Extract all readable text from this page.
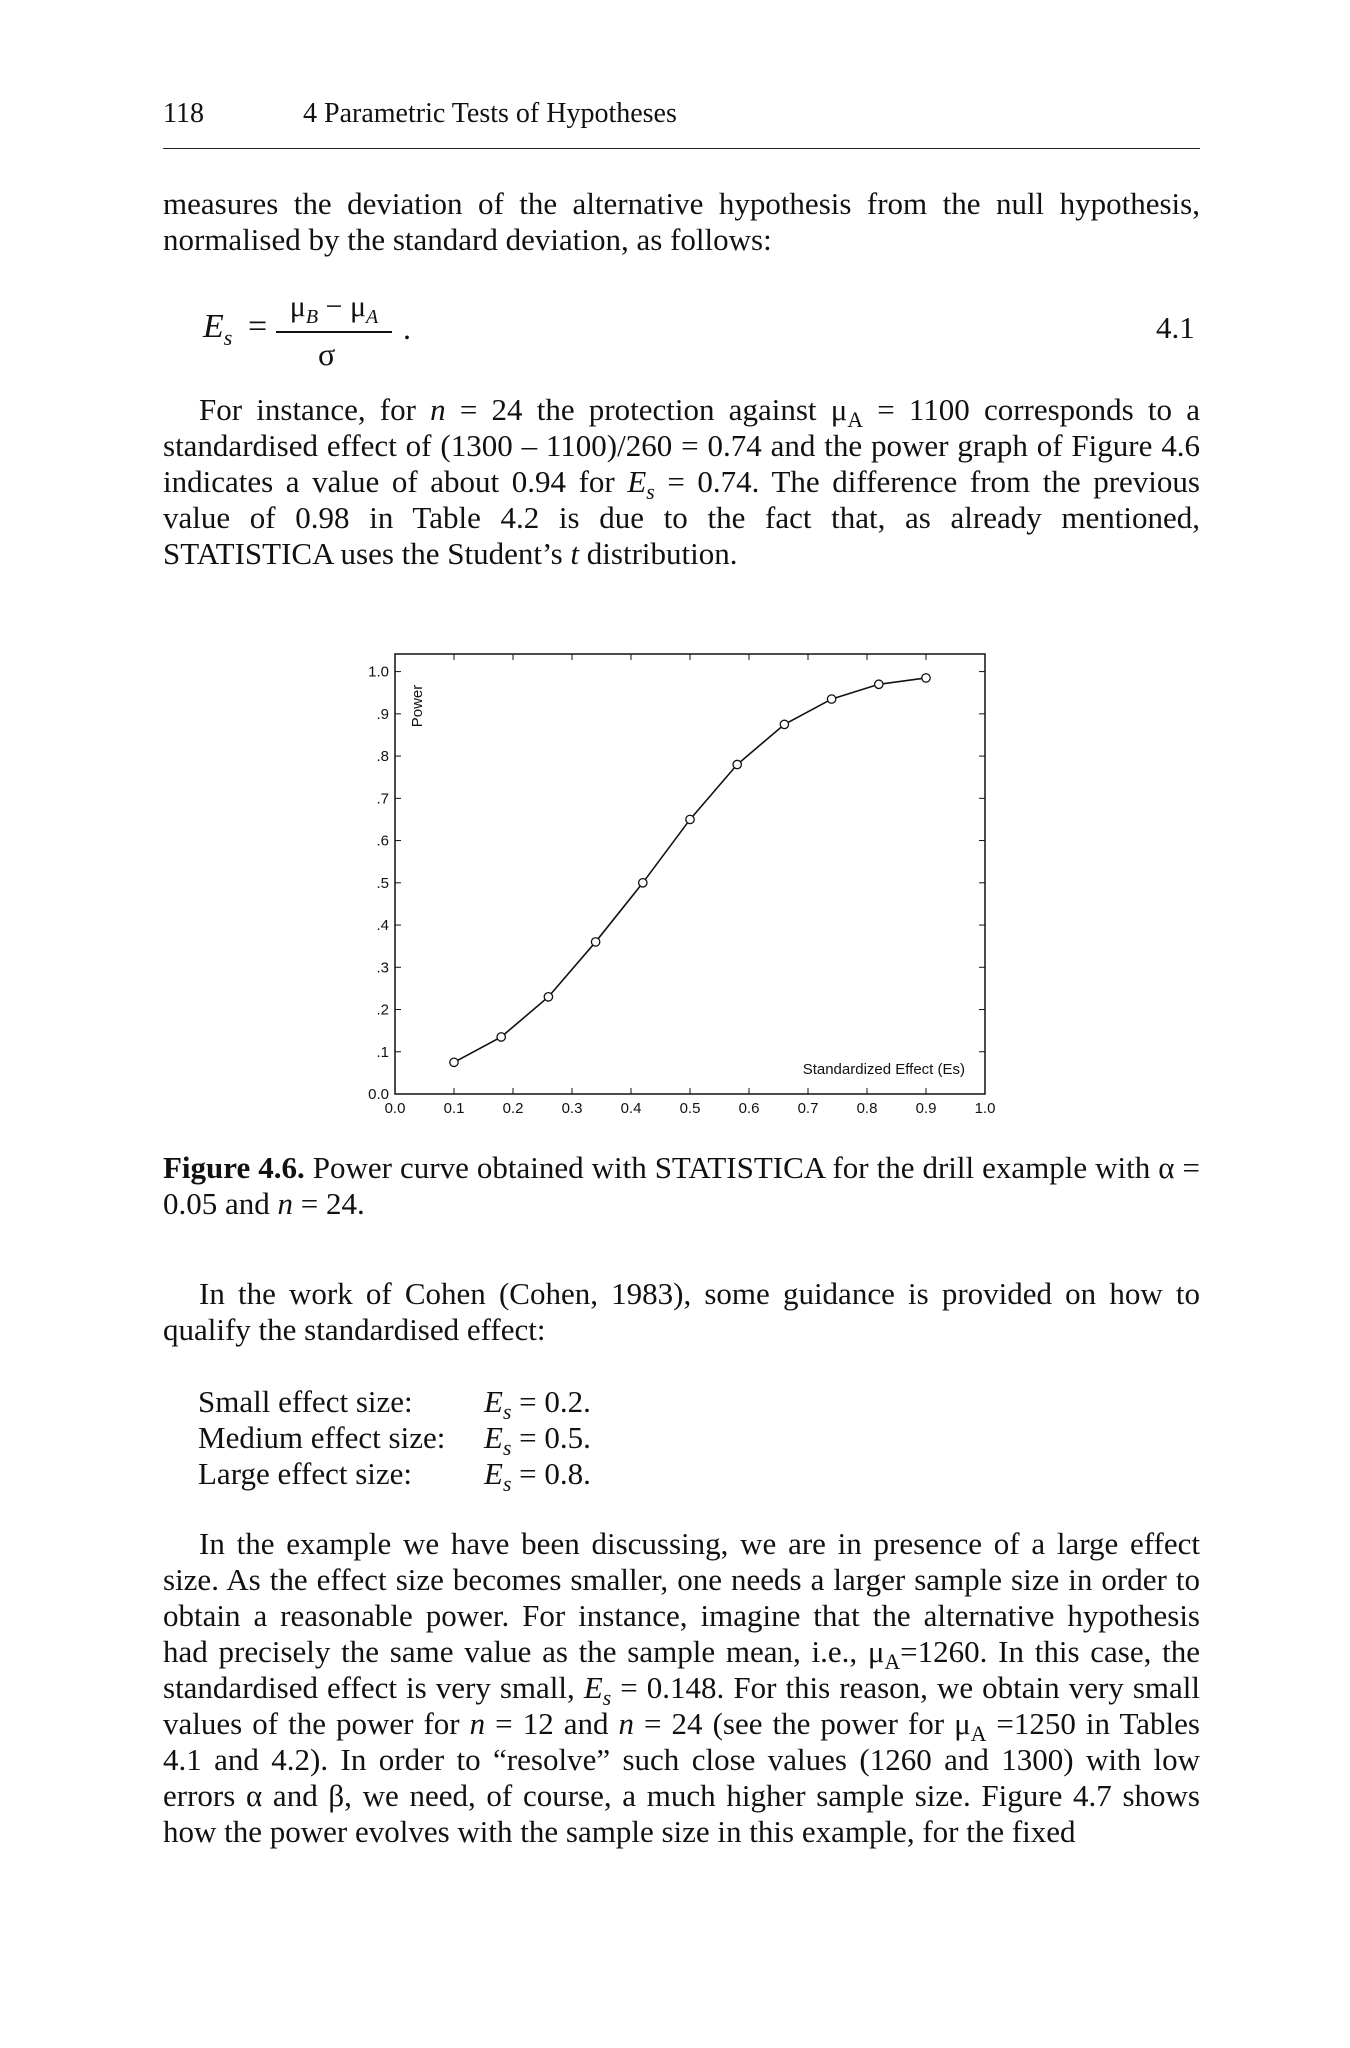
118	4 Parametric Tests of Hypotheses

measures the deviation of the alternative hypothesis from the null hypothesis, normalised by the standard deviation, as follows:

$E_s$ =
$\mu_B - \mu_A$
σ
.	4.1

For instance, for n = 24 the protection against $\mu_A = 1100$ corresponds to a standardised effect of (1300 – 1100)/260 = 0.74 and the power graph of Figure 4.6 indicates a value of about 0.94 for $E_s = 0.74$. The difference from the previous value of 0.98 in Table 4.2 is due to the fact that, as already mentioned, STATISTICA uses the Student’s t distribution.

0.0	0.1	0.2	0.3	0.4	0.5	0.6	0.7	0.8	0.9	1.0
0.0
.1
.2
.3
.4
.5
.6
.7
.8
.9
1.0
Power
Standardized Effect (Es)

Figure 4.6. Power curve obtained with STATISTICA for the drill example with α = 0.05 and n = 24.

In the work of Cohen (Cohen, 1983), some guidance is provided on how to qualify the standardised effect:

Small effect size:	$E_s = 0.2$.
Medium effect size:	$E_s = 0.5$.
Large effect size:	$E_s = 0.8$.

In the example we have been discussing, we are in presence of a large effect size. As the effect size becomes smaller, one needs a larger sample size in order to obtain a reasonable power. For instance, imagine that the alternative hypothesis had precisely the same value as the sample mean, i.e., $\mu_A=1260$. In this case, the standardised effect is very small, $E_s = 0.148$. For this reason, we obtain very small values of the power for n = 12 and n = 24 (see the power for $\mu_A =1250$ in Tables 4.1 and 4.2). In order to “resolve” such close values (1260 and 1300) with low errors α and β, we need, of course, a much higher sample size. Figure 4.7 shows how the power evolves with the sample size in this example, for the fixed
